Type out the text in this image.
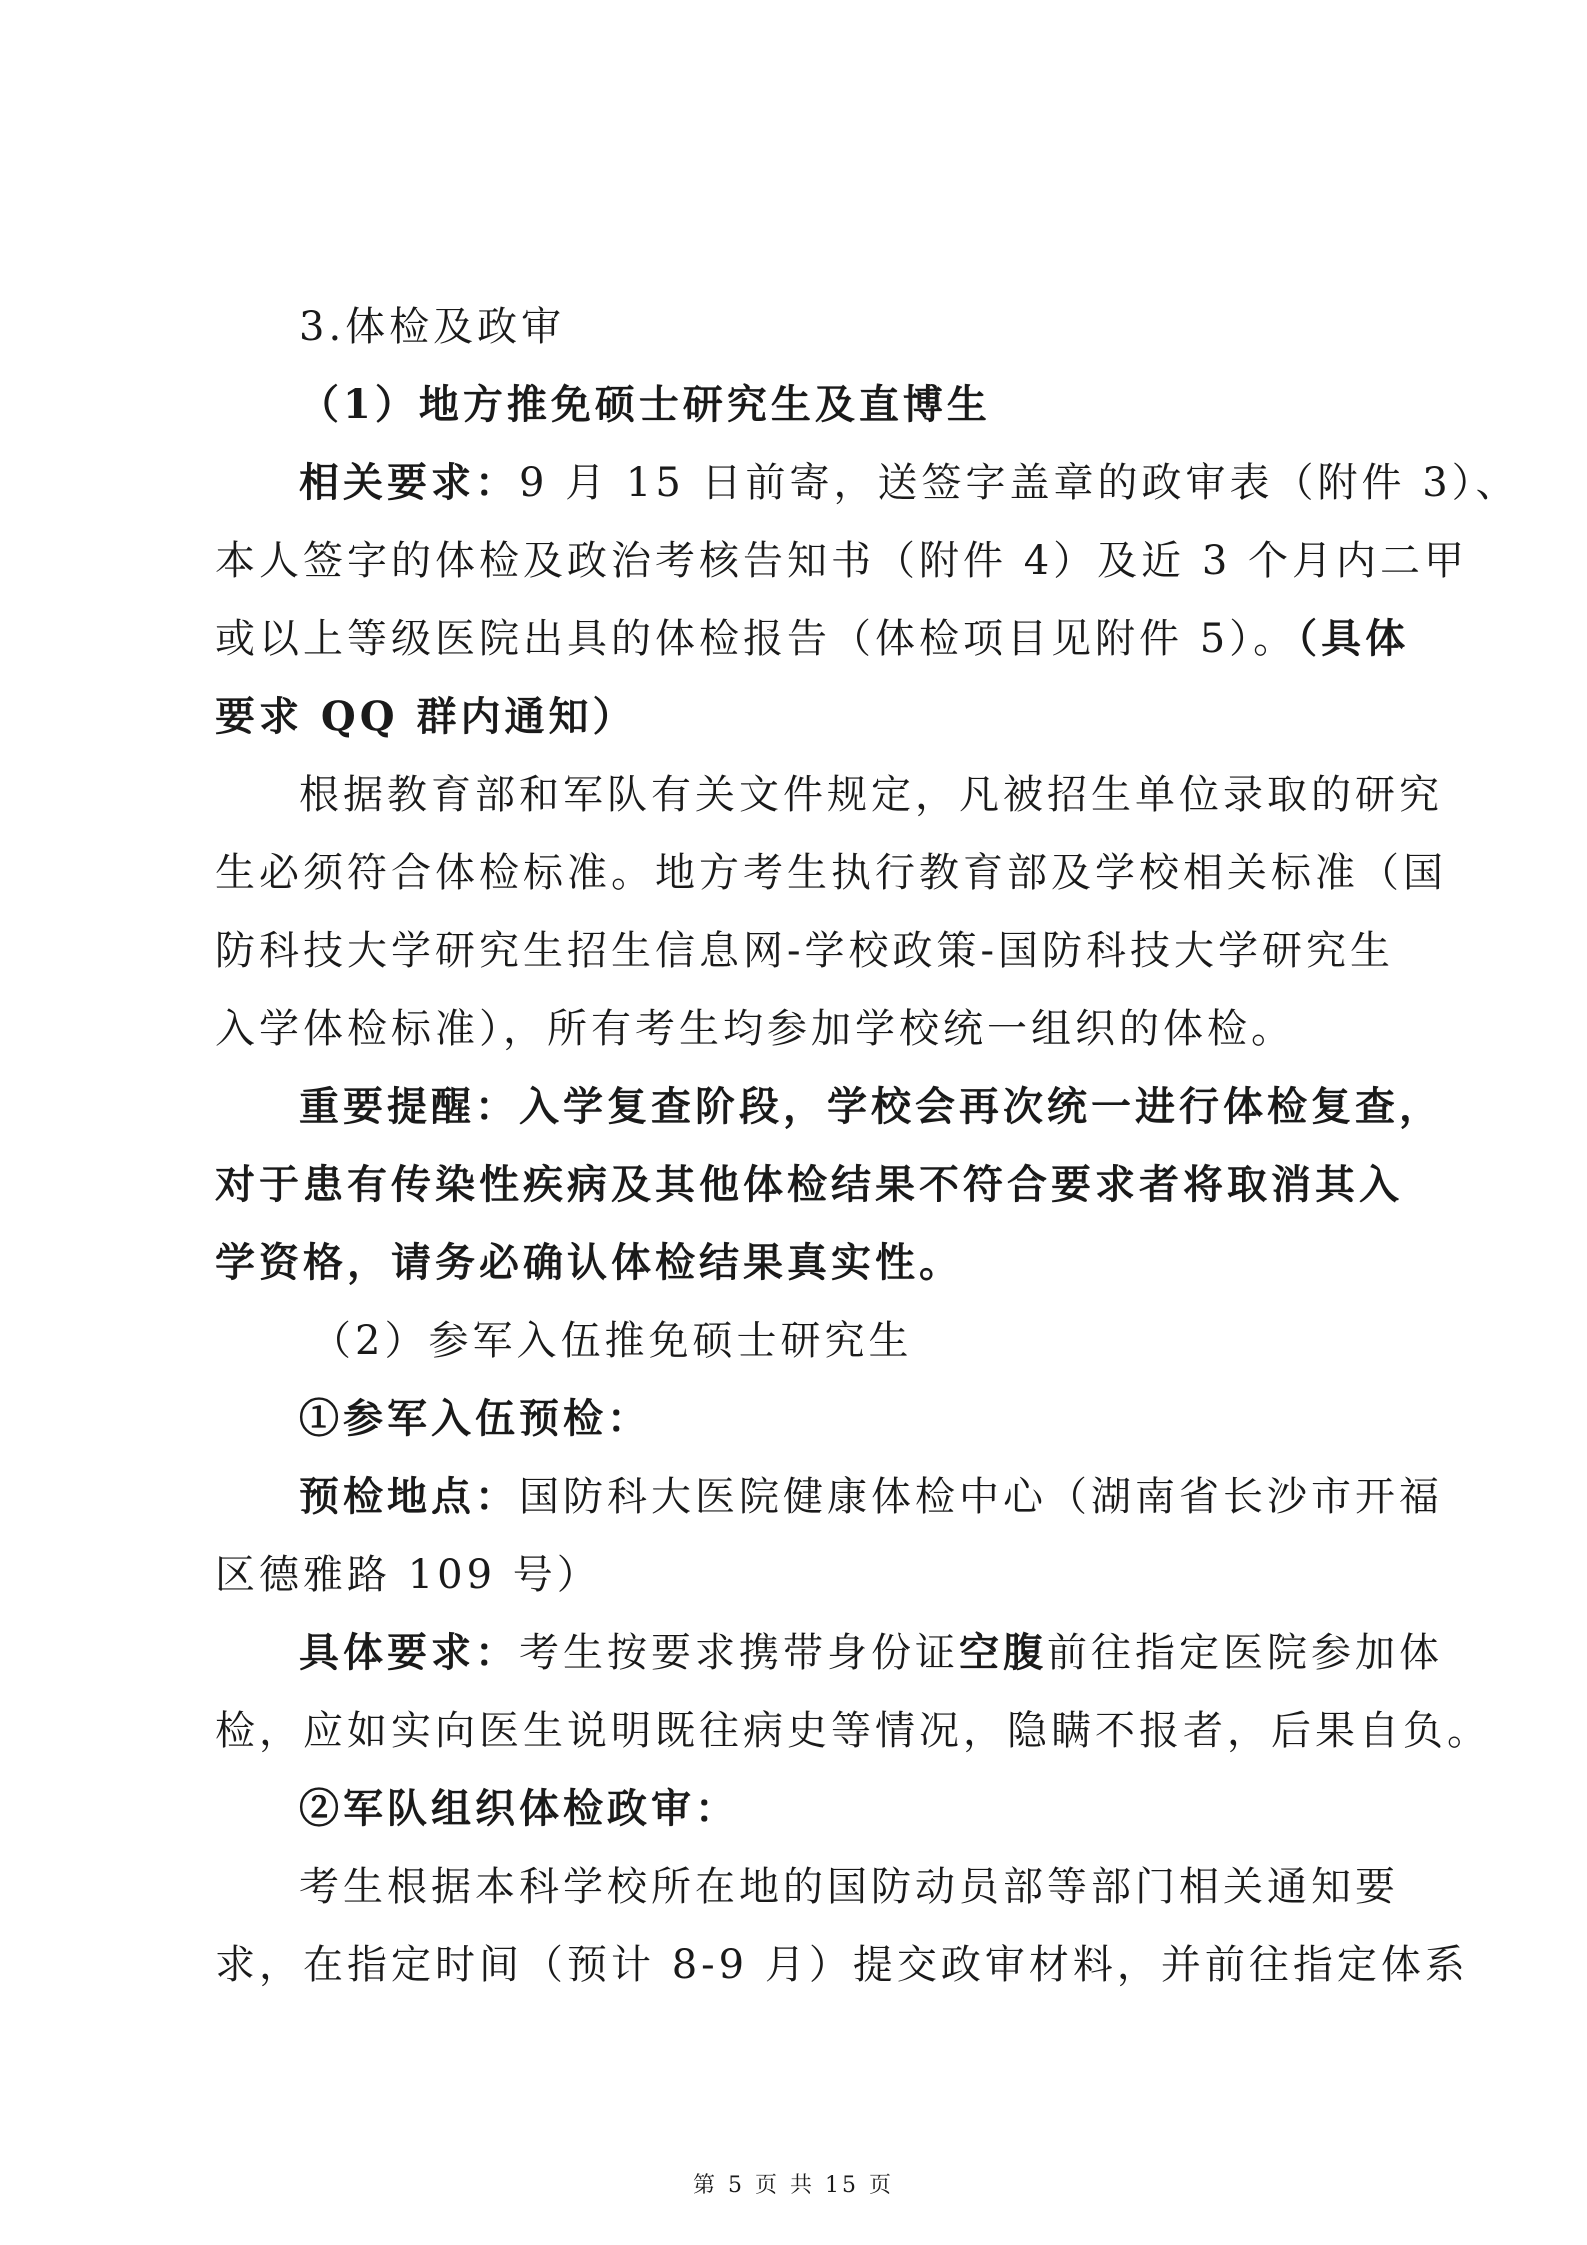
3.体检及政审
（1）地方推免硕士研究生及直博生
相关要求：9 月 15 日前寄，送签字盖章的政审表（附件 3）、
本人签字的体检及政治考核告知书（附件 4）及近 3 个月内二甲
或以上等级医院出具的体检报告（体检项目见附件 5）。（具体
要求 QQ 群内通知）
根据教育部和军队有关文件规定，凡被招生单位录取的研究
生必须符合体检标准。地方考生执行教育部及学校相关标准（国
防科技大学研究生招生信息网-学校政策-国防科技大学研究生
入学体检标准），所有考生均参加学校统一组织的体检。
重要提醒：入学复查阶段，学校会再次统一进行体检复查，
对于患有传染性疾病及其他体检结果不符合要求者将取消其入
学资格，请务必确认体检结果真实性。
（2）参军入伍推免硕士研究生
①参军入伍预检：
预检地点：国防科大医院健康体检中心（湖南省长沙市开福
区德雅路 109 号）
具体要求：考生按要求携带身份证空腹前往指定医院参加体
检，应如实向医生说明既往病史等情况，隐瞒不报者，后果自负。
②军队组织体检政审：
考生根据本科学校所在地的国防动员部等部门相关通知要
求，在指定时间（预计 8-9 月）提交政审材料，并前往指定体系
第 5 页 共 15 页
